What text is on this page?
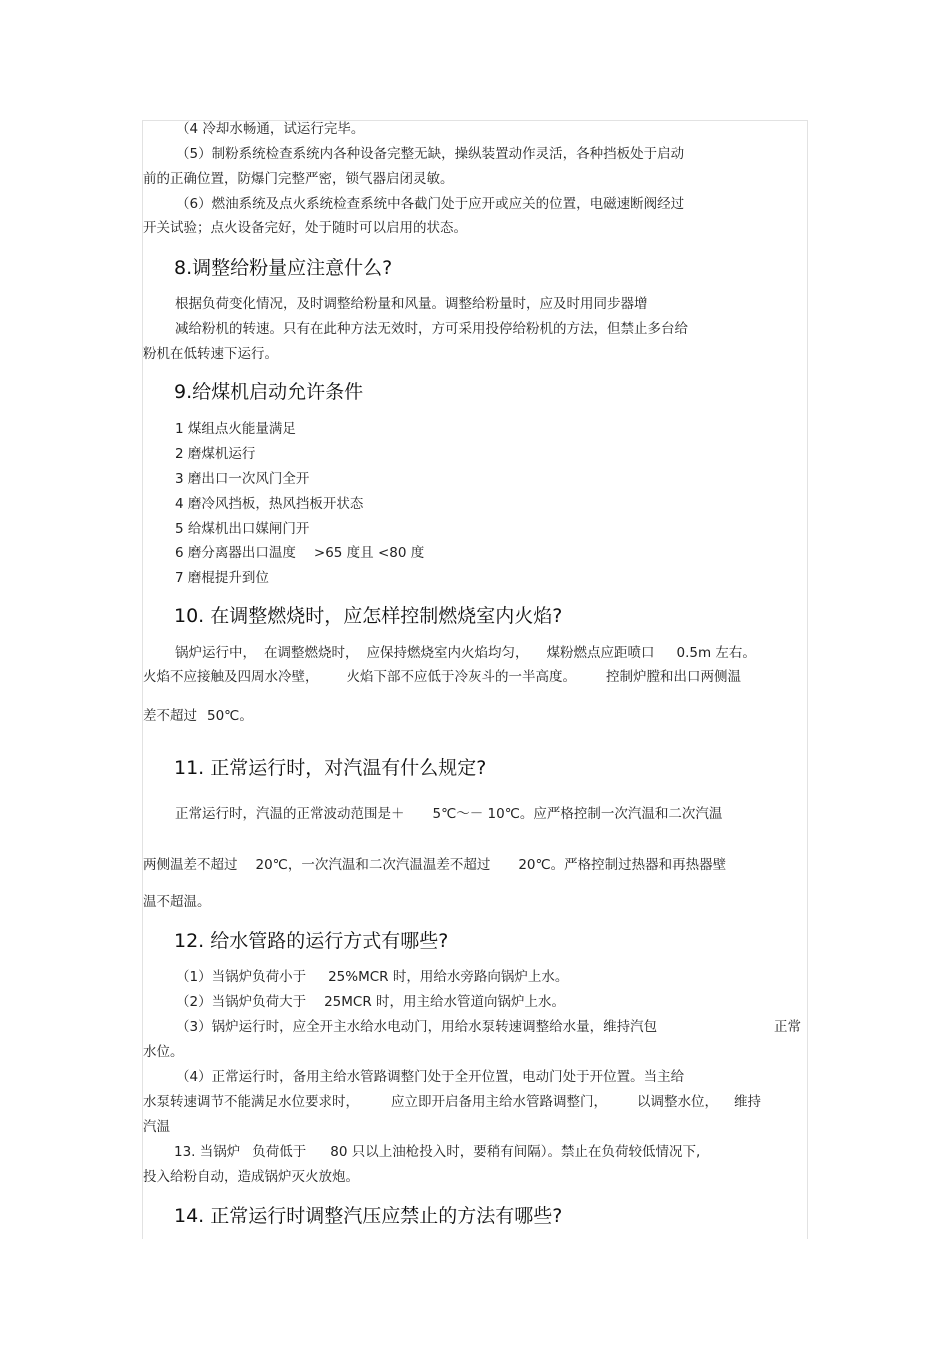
（4 冷却水畅通，试运行完毕。
（5）制粉系统检查系统内各种设备完整无缺，操纵装置动作灵活，各种挡板处于启动
前的正确位置，防爆门完整严密，锁气器启闭灵敏。
（6）燃油系统及点火系统检查系统中各截门处于应开或应关的位置，电磁速断阀经过
开关试验；点火设备完好，处于随时可以启用的状态。
8.调整给粉量应注意什么?
根据负荷变化情况，及时调整给粉量和风量。调整给粉量时，应及时用同步器增
减给粉机的转速。只有在此种方法无效时，方可采用投停给粉机的方法，但禁止多台给
粉机在低转速下运行。
9.给煤机启动允许条件
1 煤组点火能量满足
2 磨煤机运行
3 磨出口一次风门全开
4 磨冷风挡板，热风挡板开状态
5 给煤机出口媒闸门开
6 磨分离器出口温度 >65 度且 <80 度
7 磨棍提升到位
10. 在调整燃烧时，应怎样控制燃烧室内火焰?
锅炉运行中， 在调整燃烧时， 应保持燃烧室内火焰均匀， 煤粉燃点应距喷口 0.5m 左右。
火焰不应接触及四周水冷壁， 火焰下部不应低于冷灰斗的一半高度。 控制炉膛和出口两侧温
差不超过 50℃。
11. 正常运行时，对汽温有什么规定?
正常运行时，汽温的正常波动范围是＋ 5℃～－ 10℃。应严格控制一次汽温和二次汽温
两侧温差不超过 20℃，一次汽温和二次汽温温差不超过 20℃。严格控制过热器和再热器壁
温不超温。
12. 给水管路的运行方式有哪些?
（1）当锅炉负荷小于 25%MCR 时，用给水旁路向锅炉上水。
（2）当锅炉负荷大于 25MCR 时，用主给水管道向锅炉上水。
（3）锅炉运行时，应全开主水给水电动门，用给水泵转速调整给水量，维持汽包	正常
水位。
（4）正常运行时，备用主给水管路调整门处于全开位置，电动门处于开位置。当主给
水泵转速调节不能满足水位要求时， 应立即开启备用主给水管路调整门， 以调整水位， 维持
汽温
13. 当锅炉 负荷低于 80 只以上油枪投入时，要稍有间隔）。禁止在负荷较低情况下,
投入给粉自动，造成锅炉灭火放炮。
14. 正常运行时调整汽压应禁止的方法有哪些?
